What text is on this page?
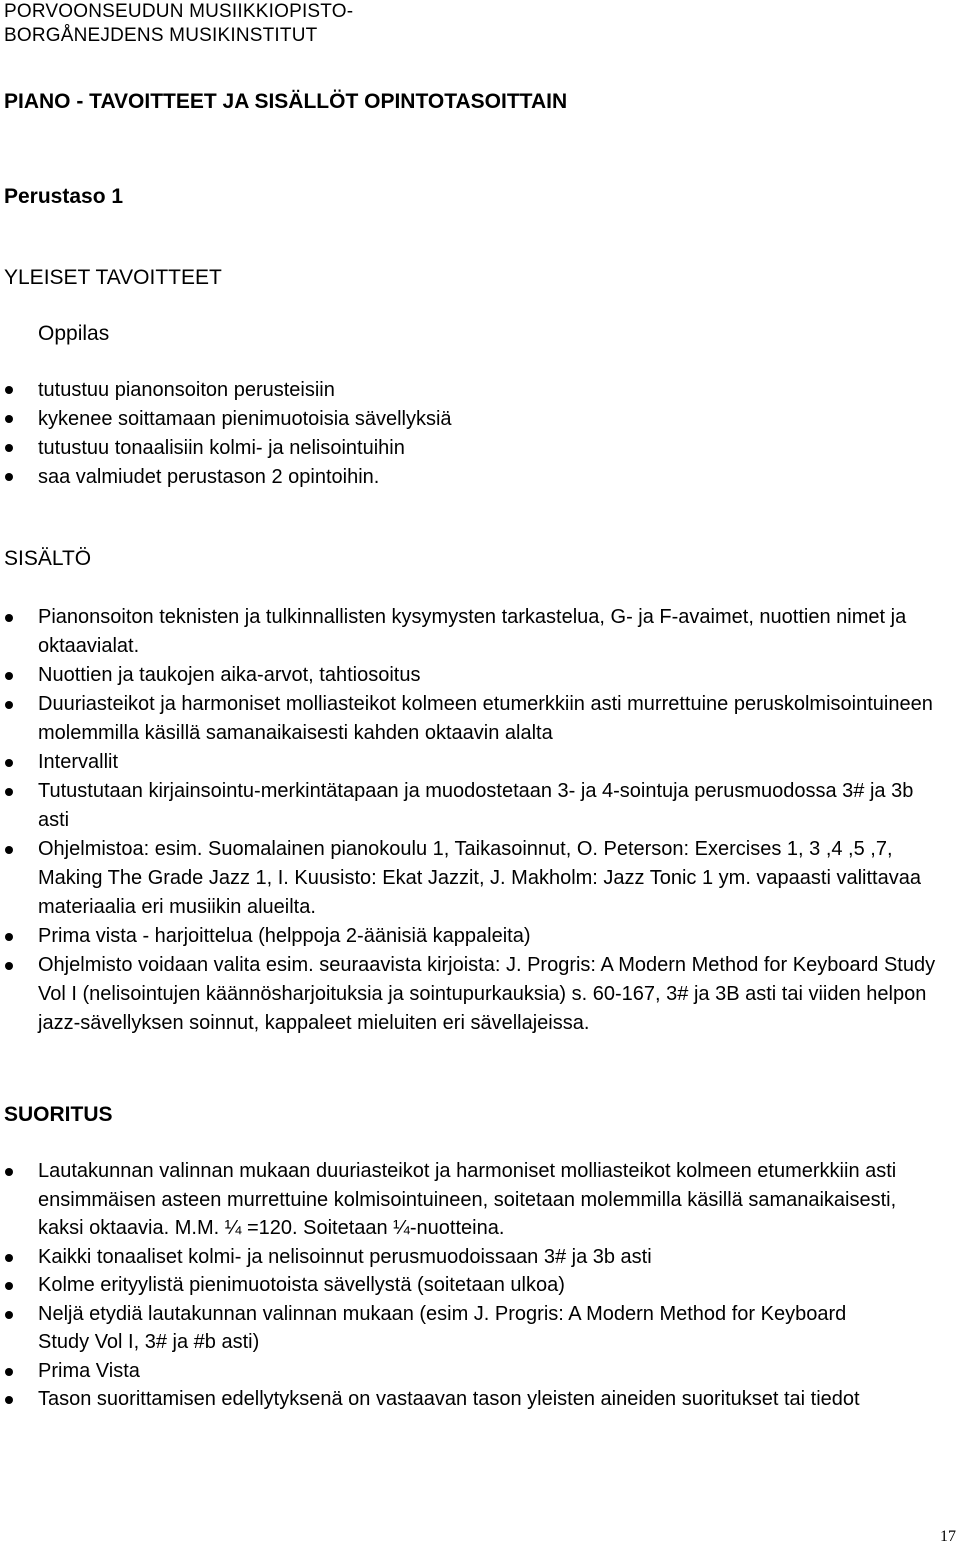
PORVOONSEUDUN MUSIIKKIOPISTO-
BORGÅNEJDENS MUSIKINSTITUT
PIANO - TAVOITTEET JA SISÄLLÖT OPINTOTASOITTAIN
Perustaso 1
YLEISET TAVOITTEET
Oppilas
tutustuu pianonsoiton perusteisiin
kykenee soittamaan pienimuotoisia sävellyksiä
tutustuu tonaalisiin kolmi- ja nelisointuihin
saa valmiudet perustason 2 opintoihin.
SISÄLTÖ
Pianonsoiton teknisten ja tulkinnallisten kysymysten tarkastelua, G- ja F-avaimet, nuottien nimet ja oktaavialat.
Nuottien ja taukojen aika-arvot, tahtiosoitus
Duuriasteikot ja harmoniset molliasteikot kolmeen etumerkkiin asti murrettuine peruskolmisointuineen molemmilla käsillä samanaikaisesti kahden oktaavin alalta
Intervallit
Tutustutaan kirjainsointu-merkintätapaan ja muodostetaan 3- ja 4-sointuja perusmuodossa 3# ja 3b asti
Ohjelmistoa: esim. Suomalainen pianokoulu 1, Taikasoinnut, O. Peterson: Exercises 1, 3 ,4 ,5 ,7, Making The Grade Jazz 1, I. Kuusisto: Ekat Jazzit, J. Makholm: Jazz Tonic 1 ym. vapaasti valittavaa materiaalia eri musiikin alueilta.
Prima vista - harjoittelua (helppoja 2-äänisiä kappaleita)
Ohjelmisto voidaan valita esim. seuraavista kirjoista: J. Progris: A Modern Method for Keyboard Study Vol I (nelisointujen käännösharjoituksia ja sointupurkauksia) s. 60-167, 3# ja 3B asti tai viiden helpon jazz-sävellyksen soinnut, kappaleet mieluiten eri sävellajeissa.
SUORITUS
Lautakunnan valinnan mukaan duuriasteikot ja harmoniset molliasteikot kolmeen etumerkkiin asti ensimmäisen asteen murrettuine kolmisointuineen, soitetaan molemmilla käsillä samanaikaisesti, kaksi oktaavia. M.M. ¼ =120. Soitetaan ¼-nuotteina.
Kaikki tonaaliset kolmi- ja nelisoinnut perusmuodoissaan 3# ja 3b asti
Kolme erityylistä pienimuotoista sävellystä (soitetaan ulkoa)
Neljä etydiä lautakunnan valinnan mukaan (esim J. Progris: A Modern Method for Keyboard Study Vol I, 3# ja #b asti)
Prima Vista
Tason suorittamisen edellytyksenä on vastaavan tason yleisten aineiden suoritukset tai tiedot
17
